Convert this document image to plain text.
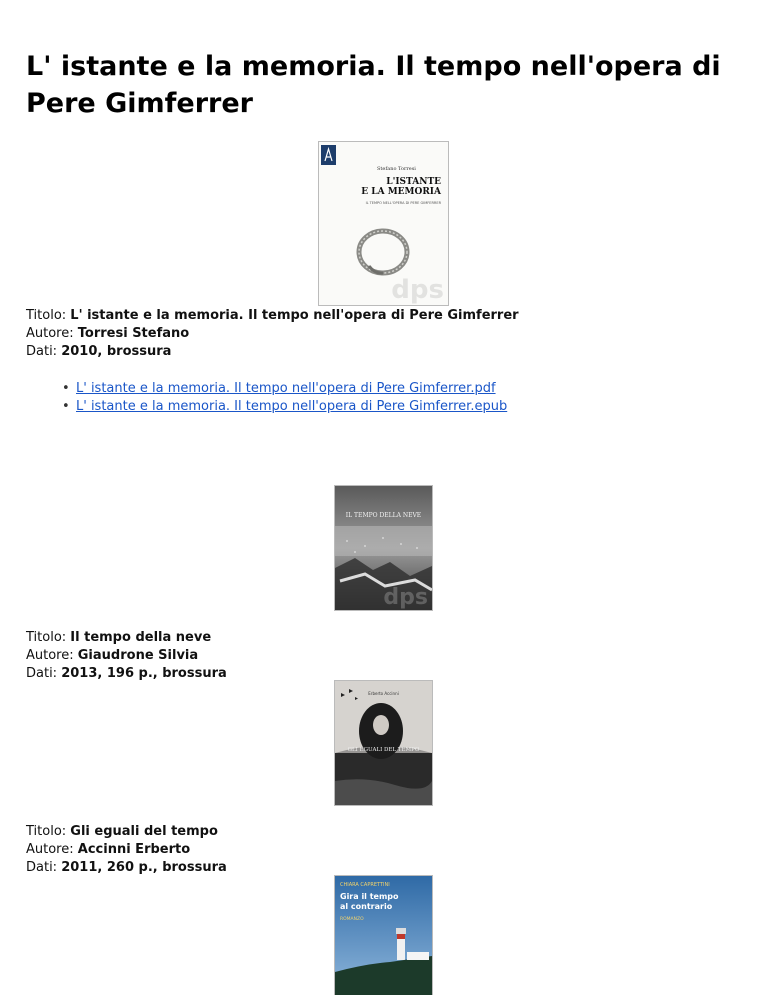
L' istante e la memoria. Il tempo nell'opera di Pere Gimferrer
Stefano Torresi
L'ISTANTE
E LA MEMORIA
IL TEMPO NELL'OPERA DI PERE GIMFERRER
dps
Titolo: L' istante e la memoria. Il tempo nell'opera di Pere Gimferrer
Autore: Torresi Stefano
Dati: 2010, brossura
• L' istante e la memoria. Il tempo nell'opera di Pere Gimferrer.pdf
• L' istante e la memoria. Il tempo nell'opera di Pere Gimferrer.epub
IL TEMPO DELLA NEVE
dps
Titolo: Il tempo della neve
Autore: Giaudrone Silvia
Dati: 2013, 196 p., brossura
Erberto Accinni
GLI EGUALI DEL TEMPO
Titolo: Gli eguali del tempo
Autore: Accinni Erberto
Dati: 2011, 260 p., brossura
CHIARA CAPRETTINI
Gira il tempo
al contrario
ROMANZO
